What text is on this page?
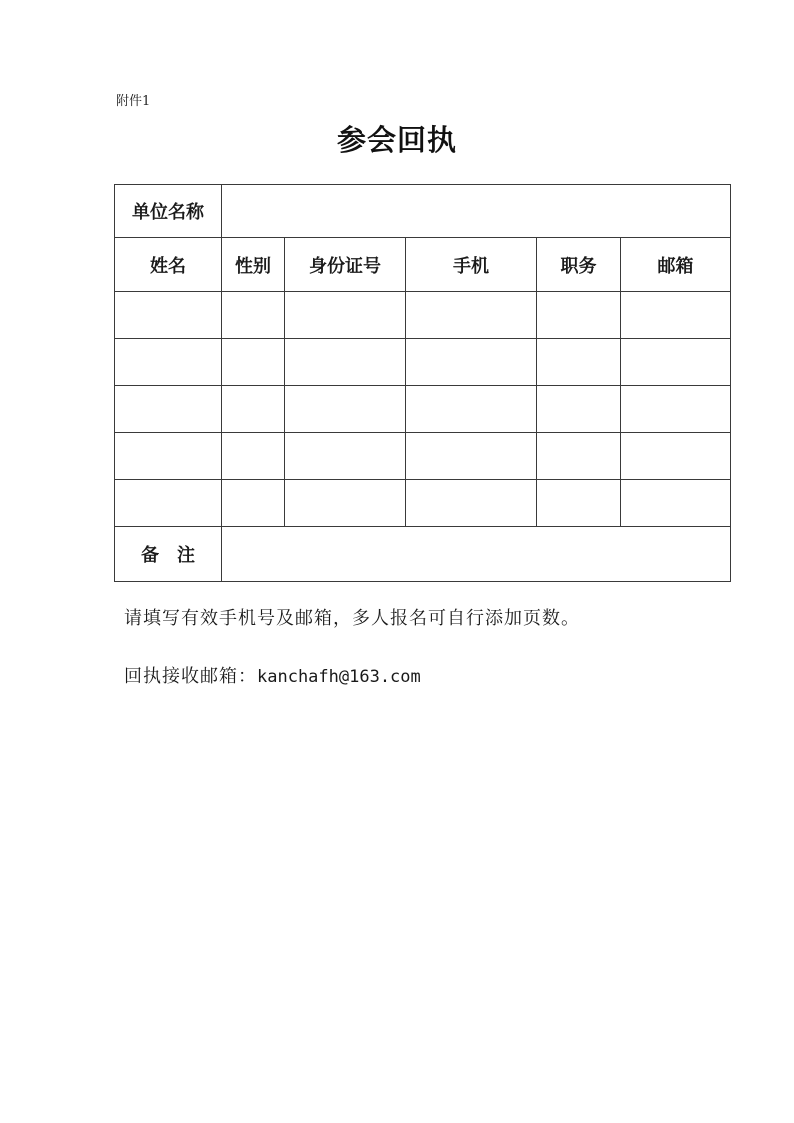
附件1
参会回执
单位名称					
姓名	性别	身份证号	手机	职务	邮箱

备　注					
请填写有效手机号及邮箱，多人报名可自行添加页数。
回执接收邮箱：kanchafh@163.com
